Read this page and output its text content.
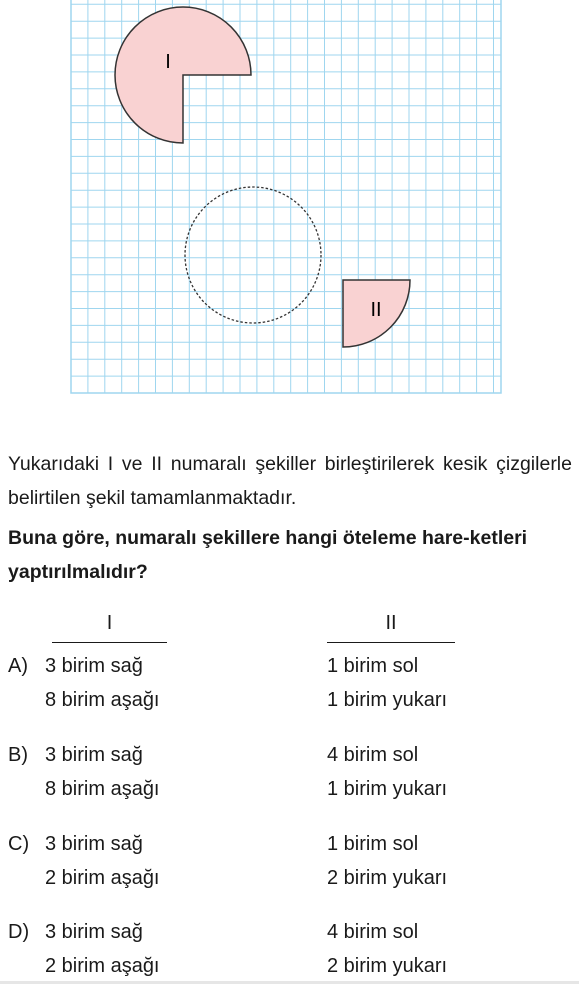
I
II

Yukarıdaki I ve II numaralı şekiller birleştirilerek kesik çizgilerle belirtilen şekil tamamlanmaktadır.

Buna göre, numaralı şekillere hangi öteleme hare-ketleri yaptırılmalıdır?

I	II
A) 3 birim sağ
8 birim aşağı
1 birim sol
1 birim yukarı
B) 3 birim sağ
8 birim aşağı
4 birim sol
1 birim yukarı
C) 3 birim sağ
2 birim aşağı
1 birim sol
2 birim yukarı
D) 3 birim sağ
2 birim aşağı
4 birim sol
2 birim yukarı
